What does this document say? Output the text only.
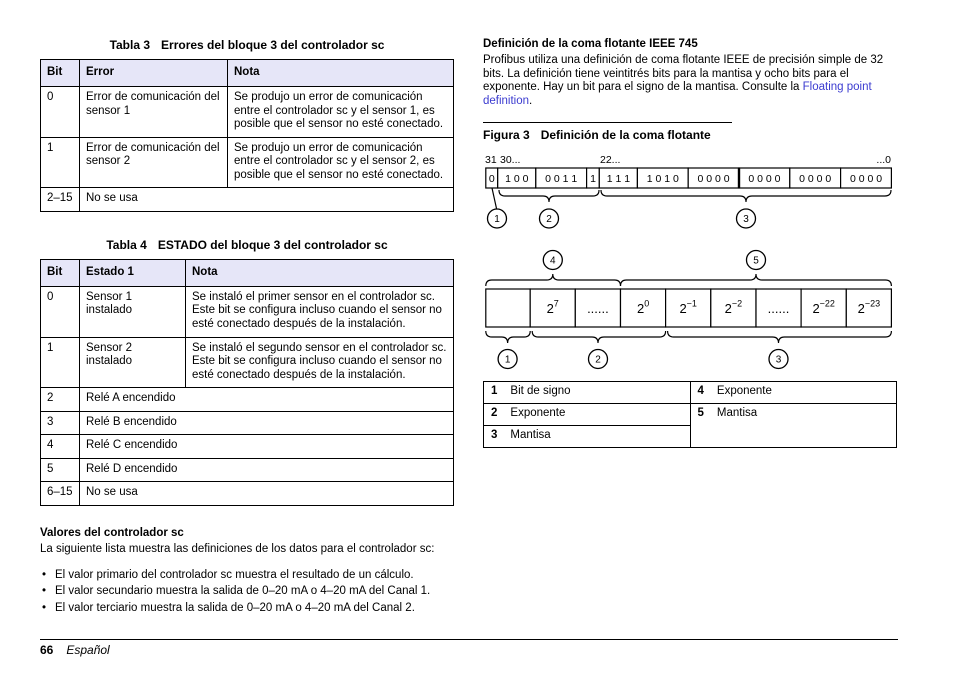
Tabla 3 Errores del bloque 3 del controlador sc

Bit	Error	Nota
0	Error de comunicación del sensor 1	Se produjo un error de comunicación entre el controlador sc y el sensor 1, es posible que el sensor no esté conectado.
1	Error de comunicación del sensor 2	Se produjo un error de comunicación entre el controlador sc y el sensor 2, es posible que el sensor no esté conectado.
2–15	No se usa	

Tabla 4 ESTADO del bloque 3 del controlador sc

Bit	Estado 1	Nota
0	Sensor 1 instalado	Se instaló el primer sensor en el controlador sc. Este bit se configura incluso cuando el sensor no esté conectado después de la instalación.
1	Sensor 2 instalado	Se instaló el segundo sensor en el controlador sc. Este bit se configura incluso cuando el sensor no esté conectado después de la instalación.
2	Relé A encendido	
3	Relé B encendido	
4	Relé C encendido	
5	Relé D encendido	
6–15	No se usa	

Valores del controlador sc

La siguiente lista muestra las definiciones de los datos para el controlador sc:

• El valor primario del controlador sc muestra el resultado de un cálculo.
• El valor secundario muestra la salida de 0–20 mA o 4–20 mA del Canal 1.
• El valor terciario muestra la salida de 0–20 mA o 4–20 mA del Canal 2.

Definición de la coma flotante IEEE 745

Profibus utiliza una definición de coma flotante IEEE de precisión simple de 32 bits. La definición tiene veintitrés bits para la mantisa y ocho bits para el exponente. Hay un bit para el signo de la mantisa. Consulte la Floating point definition.

Figura 3 Definición de la coma flotante

31 30...	22...	...0
0 1 0 0 0 0 1 1 1 1 1 1 1 0 1 0 0 0 0 0 0 0 0 0 0 0 0 0 0 0 0 0
1	2	3
4	5
$2^7$ ...... $2^0$ $2^{-1}$ $2^{-2}$ ...... $2^{-22}$ $2^{-23}$
1	2	3
1 Bit de signo	4 Exponente
2 Exponente	5 Mantisa
3 Mantisa	
66 Español
